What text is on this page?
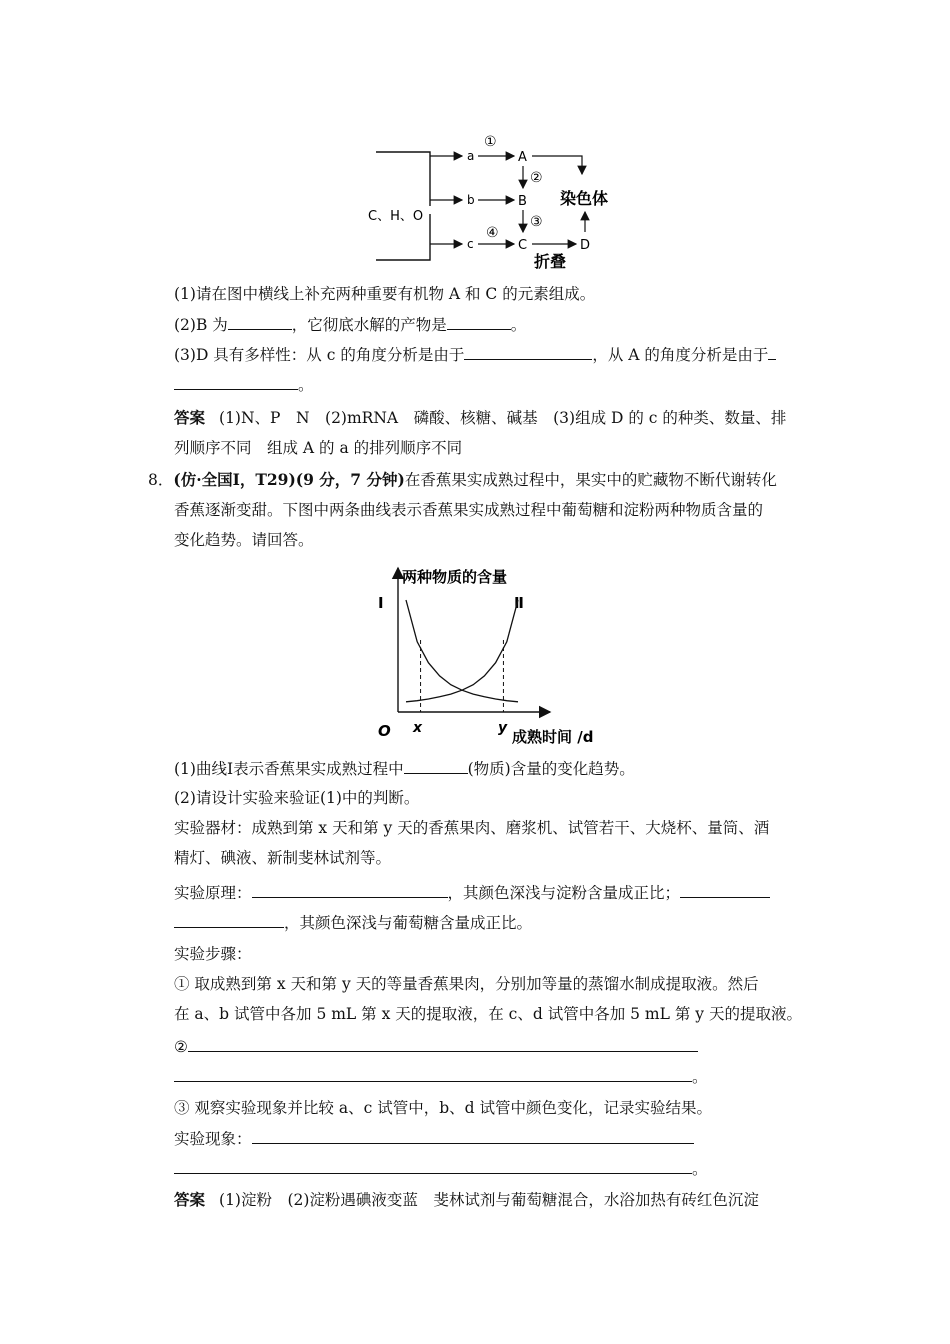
C、H、O
a
b
c
①
④
A
B
C
②
③
染色体
D
折叠
(1)请在图中横线上补充两种重要有机物 A 和 C 的元素组成。
(2)B 为	，它彻底水解的产物是	。
(3)D 具有多样性：从 c 的角度分析是由于	，从 A 的角度分析是由于
。
答案 (1)N、P　N　(2)mRNA　磷酸、核糖、碱基　(3)组成 D 的 c 的种类、数量、排
列顺序不同　组成 A 的 a 的排列顺序不同
8．(仿·全国Ⅰ，T29)(9 分，7 分钟)在香蕉果实成熟过程中，果实中的贮藏物不断代谢转化
香蕉逐渐变甜。下图中两条曲线表示香蕉果实成熟过程中葡萄糖和淀粉两种物质含量的
变化趋势。请回答。
两种物质的含量
成熟时间 /d
O x	y
Ⅰ	Ⅱ
(1)曲线Ⅰ表示香蕉果实成熟过程中	(物质)含量的变化趋势。
(2)请设计实验来验证(1)中的判断。
实验器材：成熟到第 x 天和第 y 天的香蕉果肉、磨浆机、试管若干、大烧杯、量筒、酒
精灯、碘液、新制斐林试剂等。
实验原理：	，其颜色深浅与淀粉含量成正比；
，其颜色深浅与葡萄糖含量成正比。
实验步骤：
① 取成熟到第 x 天和第 y 天的等量香蕉果肉，分别加等量的蒸馏水制成提取液。然后
在 a、b 试管中各加 5 mL 第 x 天的提取液，在 c、d 试管中各加 5 mL 第 y 天的提取液。
②
。
③ 观察实验现象并比较 a、c 试管中，b、d 试管中颜色变化，记录实验结果。
实验现象：
。
答案 (1)淀粉　(2)淀粉遇碘液变蓝　斐林试剂与葡萄糖混合，水浴加热有砖红色沉淀
